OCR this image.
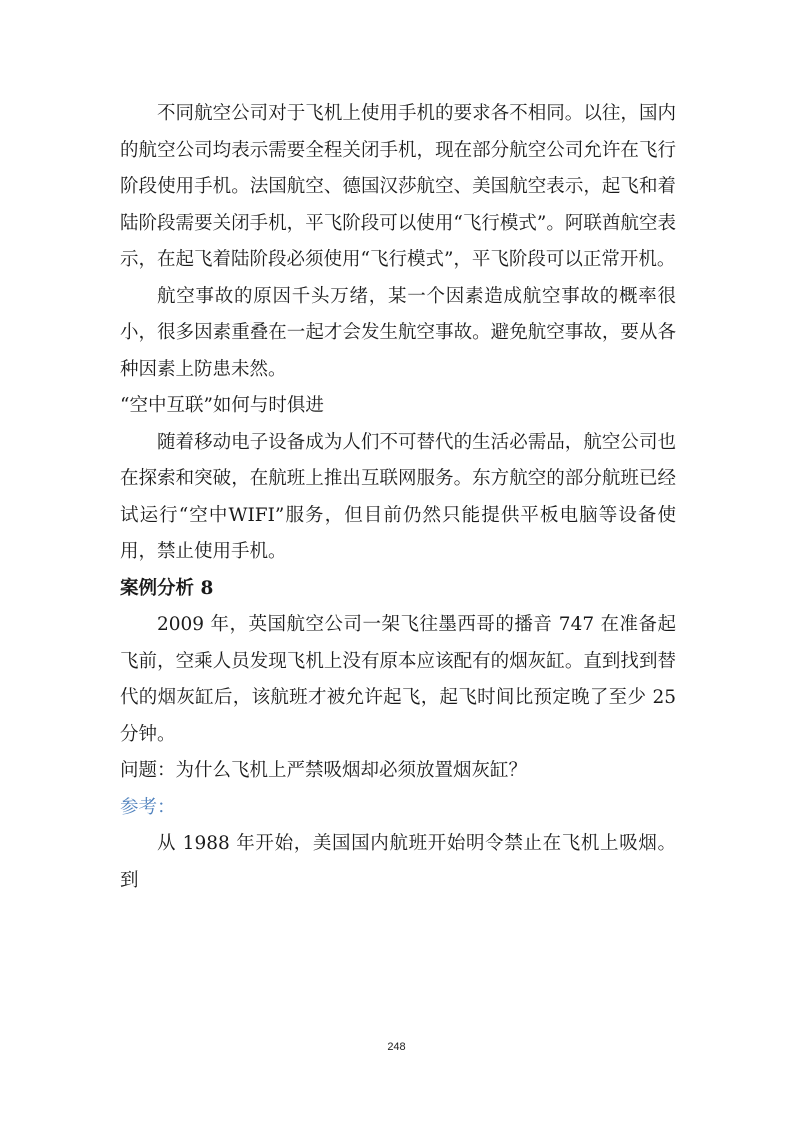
不同航空公司对于飞机上使用手机的要求各不相同。以往，国内的航空公司均表示需要全程关闭手机，现在部分航空公司允许在飞行阶段使用手机。法国航空、德国汉莎航空、美国航空表示，起飞和着陆阶段需要关闭手机，平飞阶段可以使用“飞行模式”。阿联酋航空表示，在起飞着陆阶段必须使用“飞行模式”，平飞阶段可以正常开机。

航空事故的原因千头万绪，某一个因素造成航空事故的概率很小，很多因素重叠在一起才会发生航空事故。避免航空事故，要从各种因素上防患未然。

“空中互联”如何与时俱进

随着移动电子设备成为人们不可替代的生活必需品，航空公司也在探索和突破，在航班上推出互联网服务。东方航空的部分航班已经试运行“空中WIFI”服务，但目前仍然只能提供平板电脑等设备使用，禁止使用手机。

案例分析 8

2009 年，英国航空公司一架飞往墨西哥的播音 747 在准备起飞前，空乘人员发现飞机上没有原本应该配有的烟灰缸。直到找到替代的烟灰缸后，该航班才被允许起飞，起飞时间比预定晚了至少 25 分钟。

问题：为什么飞机上严禁吸烟却必须放置烟灰缸？

参考：

从 1988 年开始，美国国内航班开始明令禁止在飞机上吸烟。到

248
